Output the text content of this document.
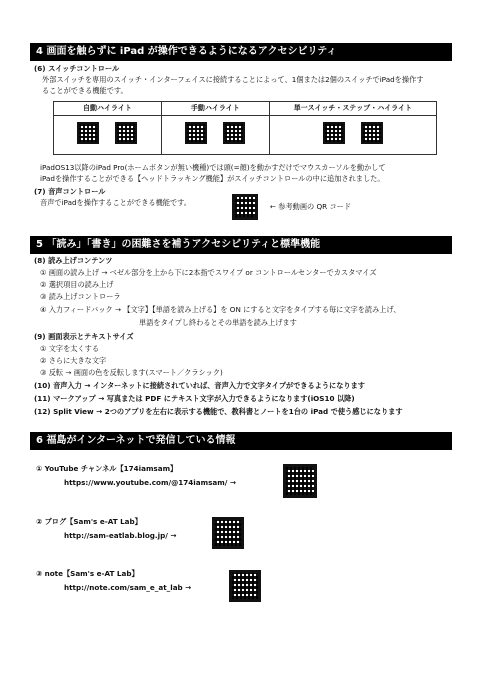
4 画面を触らずに iPad が操作できるようになるアクセシビリティ
(6) スイッチコントロール
外部スイッチを専用のスイッチ・インターフェイスに接続することによって、1個または2個のスイッチでiPadを操作す
ることができる機能です。
自動ハイライト	手動ハイライト	単一スイッチ・ステップ・ハイライト

iPadOS13以降のiPad Pro(ホームボタンが無い機種)では頭(=顔)を動かすだけでマウスカーソルを動かして
iPadを操作することができる【ヘッドトラッキング機能】がスイッチコントロールの中に追加されました。
(7) 音声コントロール
音声でiPadを操作することができる機能です。	← 参考動画の QR コード
5 「読み」「書き」の困難さを補うアクセシビリティと標準機能
(8) 読み上げコンテンツ
① 画面の読み上げ → ベゼル部分を上から下に2本指でスワイプ or コントロールセンターでカスタマイズ
② 選択項目の読み上げ
③ 読み上げコントローラ
④ 入力フィードバック → 【文字】【単語を読み上げる】を ON にすると文字をタイプする毎に文字を読み上げ、
単語をタイプし終わるとその単語を読み上げます
(9) 画面表示とテキストサイズ
① 文字を太くする
② さらに大きな文字
③ 反転 → 画面の色を反転します(スマート／クラシック)
(10) 音声入力 → インターネットに接続されていれば、音声入力で文字タイプができるようになります
(11) マークアップ → 写真または PDF にテキスト文字が入力できるようになります(iOS10 以降)
(12) Split View → 2つのアプリを左右に表示する機能で、教科書とノートを1台の iPad で使う感じになります
6 福島がインターネットで発信している情報
① YouTube チャンネル【174iamsam】
https://www.youtube.com/@174iamsam/ →
② ブログ【Sam's e-AT Lab】
http://sam-eatlab.blog.jp/ →
③ note【Sam's e-AT Lab】
http://note.com/sam_e_at_lab →
